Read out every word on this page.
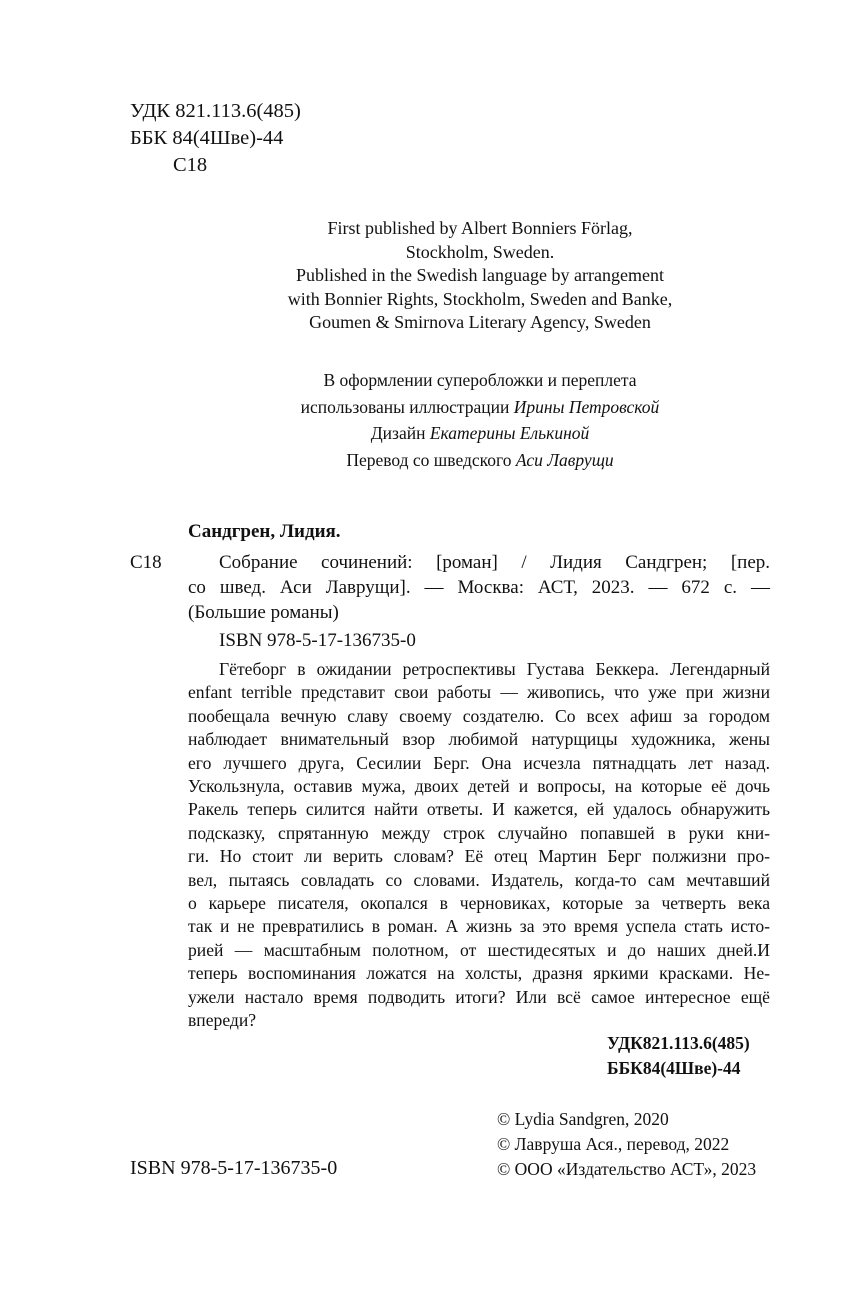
УДК 821.113.6(485)
ББК 84(4Шве)-44
С18
First published by Albert Bonniers Förlag,
Stockholm, Sweden.
Published in the Swedish language by arrangement
with Bonnier Rights, Stockholm, Sweden and Banke,
Goumen & Smirnova Literary Agency, Sweden
В оформлении суперобложки и переплета
использованы иллюстрации Ирины Петровской
Дизайн Екатерины Елькиной
Перевод со шведского Аси Лаврущи
Сандгрен, Лидия.
С18	Собрание сочинений: [роман] / Лидия Сандгрен; [пер.
со швед. Аси Лаврущи]. — Москва: АСТ, 2023. — 672 с. —
(Большие романы)
ISBN 978-5-17-136735-0
Гётеборг в ожидании ретроспективы Густава Беккера. Легендарный
enfant terrible представит свои работы — живопись, что уже при жизни
пообещала вечную славу своему создателю. Со всех афиш за городом
наблюдает внимательный взор любимой натурщицы художника, жены
его лучшего друга, Сесилии Берг. Она исчезла пятнадцать лет назад.
Ускользнула, оставив мужа, двоих детей и вопросы, на которые её дочь
Ракель теперь силится найти ответы. И кажется, ей удалось обнаружить
подсказку, спрятанную между строк случайно попавшей в руки кни-
ги. Но стоит ли верить словам? Её отец Мартин Берг полжизни про-
вел, пытаясь совладать со словами. Издатель, когда-то сам мечтавший
о карьере писателя, окопался в черновиках, которые за четверть века
так и не превратились в роман. А жизнь за это время успела стать исто-
рией — масштабным полотном, от шестидесятых и до наших дней.И
теперь воспоминания ложатся на холсты, дразня яркими красками. Не-
ужели настало время подводить итоги? Или всё самое интересное ещё
впереди?
УДК821.113.6(485)
ББК84(4Шве)-44
© Lydia Sandgren, 2020
© Лаврушa Ася., перевод, 2022
© ООО «Издательство АСТ», 2023
ISBN 978-5-17-136735-0
